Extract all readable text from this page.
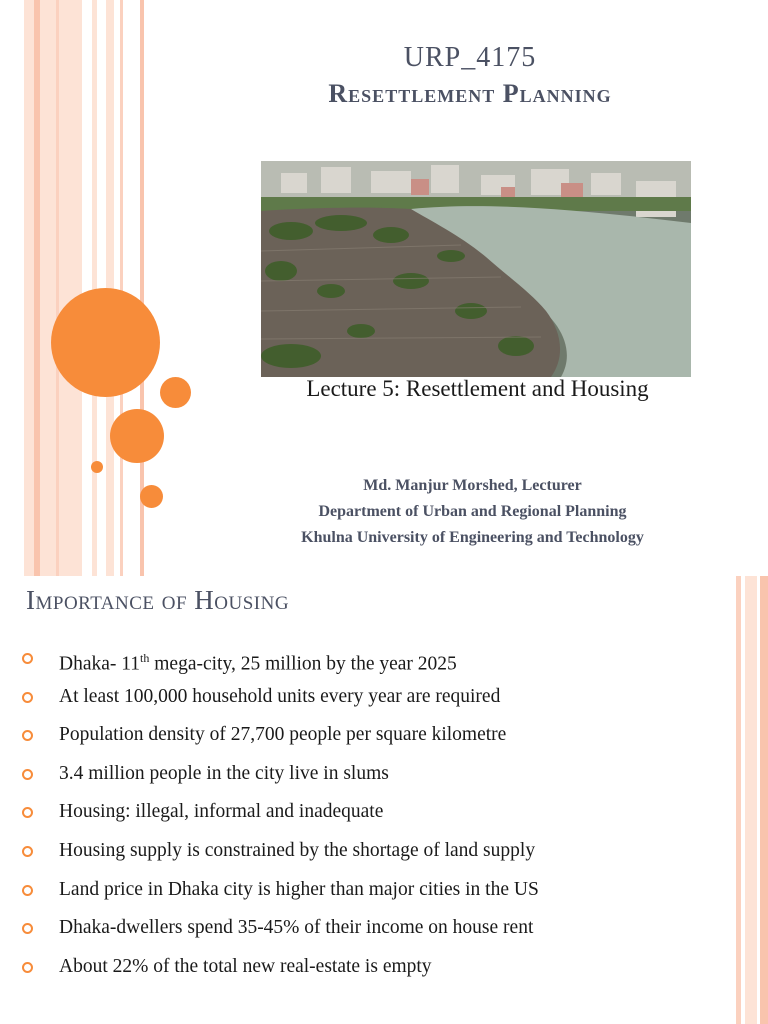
URP_4175
Resettlement Planning
Lecture 5: Resettlement and Housing
Md. Manjur Morshed, Lecturer
Department of Urban and Regional Planning
Khulna University of Engineering and Technology
Importance of Housing
Dhaka- 11th mega-city, 25 million by the year 2025
At least 100,000 household units every year are required
Population density of 27,700 people per square kilometre
3.4 million people in the city live in slums
Housing: illegal, informal and inadequate
Housing supply is constrained by the shortage of land supply
Land price in Dhaka city is higher than major cities in the US
Dhaka-dwellers spend 35-45% of their income on house rent
About 22% of the total new real-estate is empty
